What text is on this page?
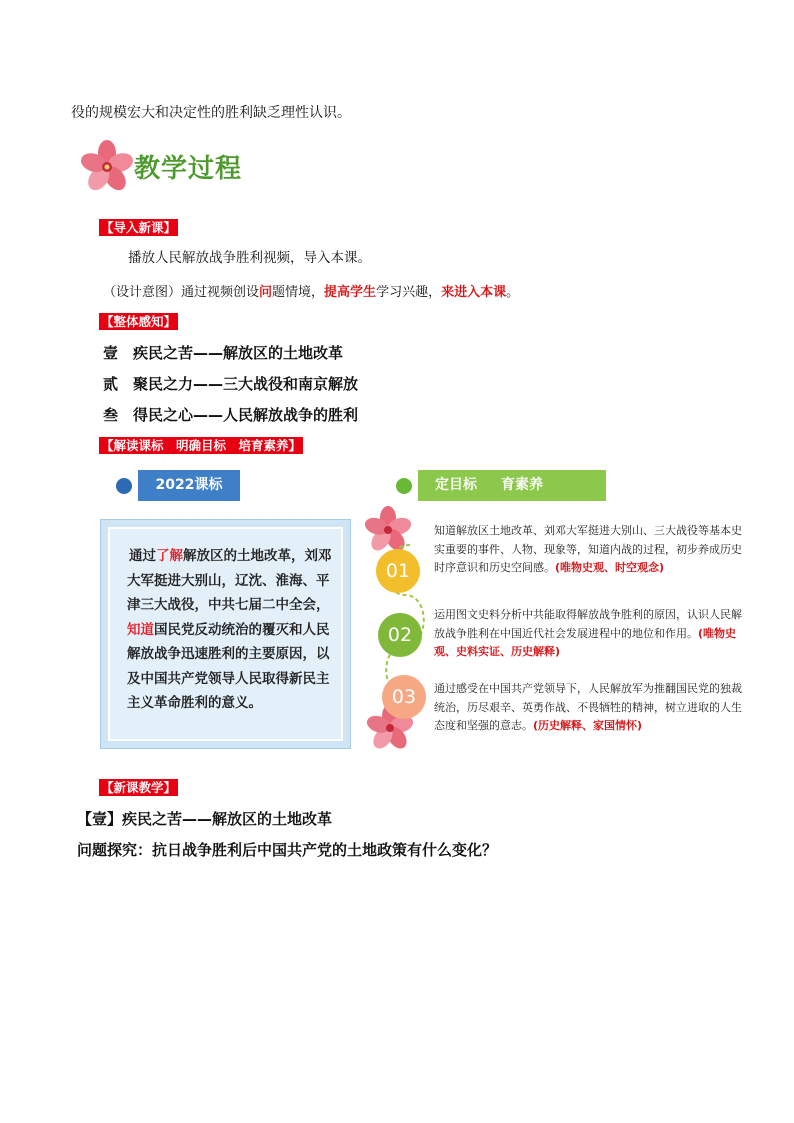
役的规模宏大和决定性的胜利缺乏理性认识。
教学过程
【导入新课】
播放人民解放战争胜利视频，导入本课。
（设计意图）通过视频创设问题情境，提高学生学习兴趣，来进入本课。
【整体感知】
壹 疾民之苦——解放区的土地改革
贰 聚民之力——三大战役和南京解放
叁 得民之心——人民解放战争的胜利
【解读课标　明确目标　培育素养】
2022课标	定目标 育素养
通过了解解放区的土地改革，刘邓大军挺进大别山，辽沈、淮海、平津三大战役，中共七届二中全会，知道国民党反动统治的覆灭和人民解放战争迅速胜利的主要原因，以及中国共产党领导人民取得新民主主义革命胜利的意义。
01
02
03
知道解放区土地改革、刘邓大军挺进大别山、三大战役等基本史实重要的事件、人物、现象等，知道内战的过程，初步养成历史时序意识和历史空间感。(唯物史观、时空观念)
运用图文史料分析中共能取得解放战争胜利的原因，认识人民解放战争胜利在中国近代社会发展进程中的地位和作用。(唯物史观、史料实证、历史解释)
通过感受在中国共产党领导下，人民解放军为推翻国民党的独裁统治，历尽艰辛、英勇作战、不畏牺牲的精神，树立进取的人生态度和坚强的意志。(历史解释、家国情怀)
【新课教学】
【壹】疾民之苦——解放区的土地改革
问题探究：抗日战争胜利后中国共产党的土地政策有什么变化？
